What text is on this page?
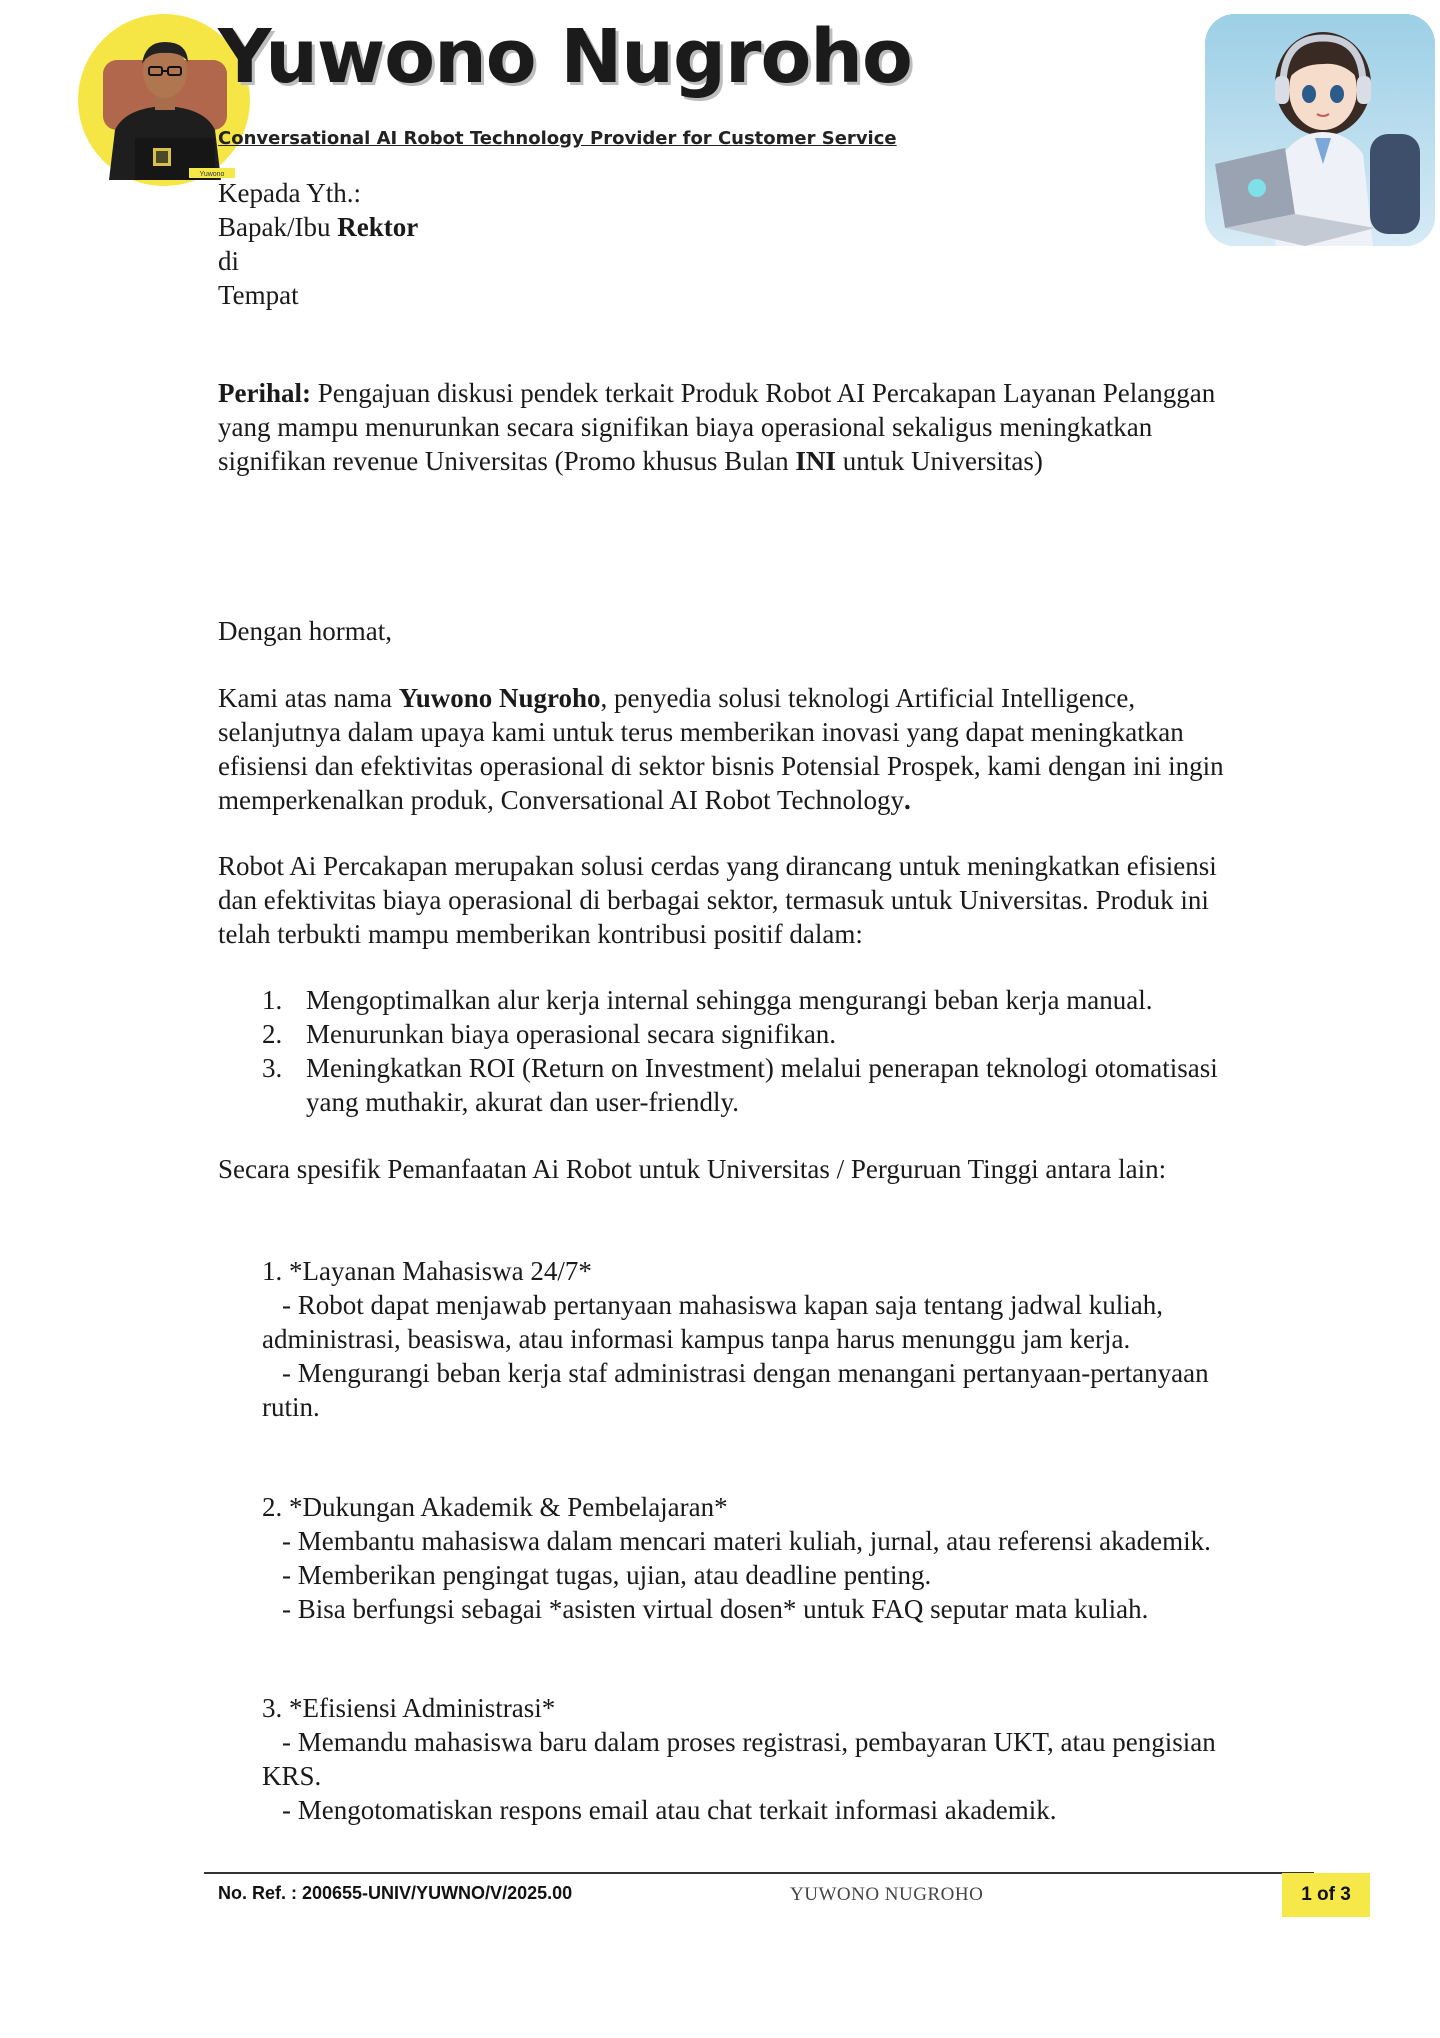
Yuwono
Yuwono Nugroho
Conversational AI Robot Technology Provider for Customer Service
Kepada Yth.:
Bapak/Ibu Rektor
di
Tempat

Perihal: Pengajuan diskusi pendek terkait Produk Robot AI Percakapan Layanan Pelanggan yang mampu menurunkan secara signifikan biaya operasional sekaligus meningkatkan signifikan revenue Universitas (Promo khusus Bulan INI untuk Universitas)

Dengan hormat,

Kami atas nama Yuwono Nugroho, penyedia solusi teknologi Artificial Intelligence, selanjutnya dalam upaya kami untuk terus memberikan inovasi yang dapat meningkatkan efisiensi dan efektivitas operasional di sektor bisnis Potensial Prospek, kami dengan ini ingin memperkenalkan produk, Conversational AI Robot Technology.

Robot Ai Percakapan merupakan solusi cerdas yang dirancang untuk meningkatkan efisiensi dan efektivitas biaya operasional di berbagai sektor, termasuk untuk Universitas. Produk ini telah terbukti mampu memberikan kontribusi positif dalam:

1. Mengoptimalkan alur kerja internal sehingga mengurangi beban kerja manual.
2. Menurunkan biaya operasional secara signifikan.
3. Meningkatkan ROI (Return on Investment) melalui penerapan teknologi otomatisasi yang muthakir, akurat dan user-friendly.

Secara spesifik Pemanfaatan Ai Robot untuk Universitas / Perguruan Tinggi antara lain:

1. *Layanan Mahasiswa 24/7*
- Robot dapat menjawab pertanyaan mahasiswa kapan saja tentang jadwal kuliah, administrasi, beasiswa, atau informasi kampus tanpa harus menunggu jam kerja.
- Mengurangi beban kerja staf administrasi dengan menangani pertanyaan-pertanyaan rutin.
2. *Dukungan Akademik & Pembelajaran*
- Membantu mahasiswa dalam mencari materi kuliah, jurnal, atau referensi akademik.
- Memberikan pengingat tugas, ujian, atau deadline penting.
- Bisa berfungsi sebagai *asisten virtual dosen* untuk FAQ seputar mata kuliah.
3. *Efisiensi Administrasi*
- Memandu mahasiswa baru dalam proses registrasi, pembayaran UKT, atau pengisian KRS.
- Mengotomatiskan respons email atau chat terkait informasi akademik.
No. Ref. : 200655-UNIV/YUWNO/V/2025.00	YUWONO NUGROHO	1 of 3
